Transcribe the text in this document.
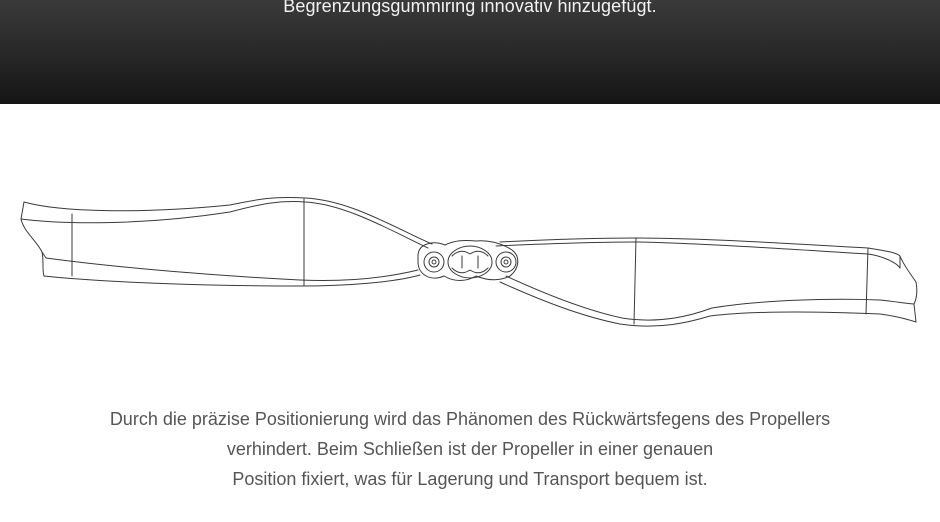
Begrenzungsgummiring innovativ hinzugefügt.
Durch die präzise Positionierung wird das Phänomen des Rückwärtsfegens des Propellers
verhindert. Beim Schließen ist der Propeller in einer genauen
Position fixiert, was für Lagerung und Transport bequem ist.
